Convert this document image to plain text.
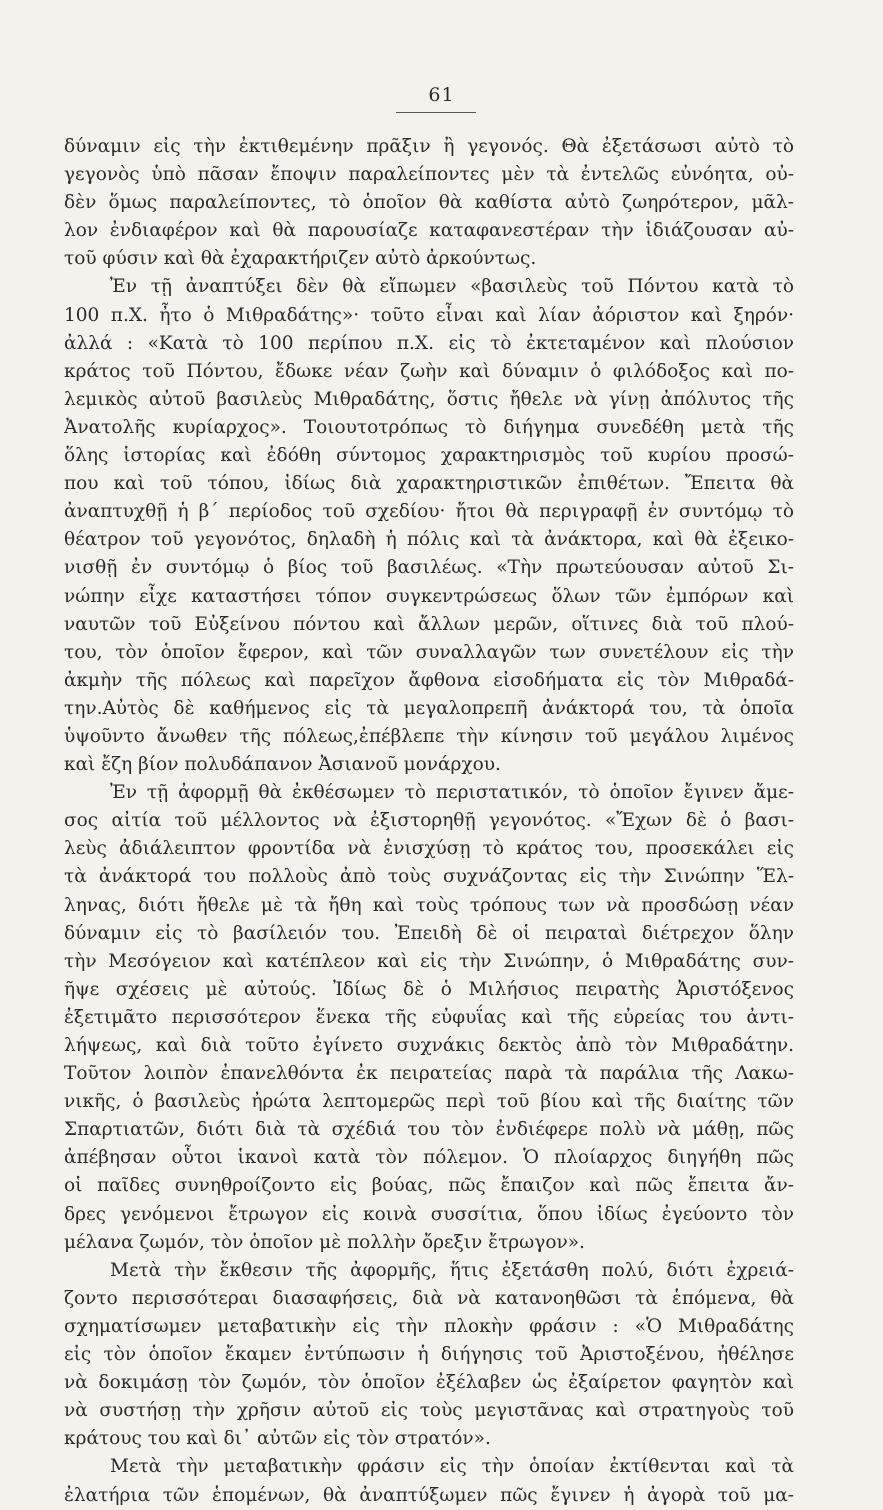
61
δύναμιν εἰς τὴν ἐκτιθεμένην πρᾶξιν ἢ γεγονός. Θὰ ἐξετάσωσι αὐτὸ τὸ
γεγονὸς ὑπὸ πᾶσαν ἔποψιν παραλείποντες μὲν τὰ ἐντελῶς εὐνόητα, οὐ-
δὲν ὅμως παραλείποντες, τὸ ὁποῖον θὰ καθίστα αὐτὸ ζωηρότερον, μᾶλ-
λον ἐνδιαφέρον καὶ θὰ παρουσίαζε καταφανεστέραν τὴν ἰδιάζουσαν αὐ-
τοῦ φύσιν καὶ θὰ ἐχαρακτήριζεν αὐτὸ ἀρκούντως.
Ἐν τῇ ἀναπτύξει δὲν θὰ εἴπωμεν «βασιλεὺς τοῦ Πόντου κατὰ τὸ
100 π.Χ. ἦτο ὁ Μιθραδάτης»· τοῦτο εἶναι καὶ λίαν ἀόριστον καὶ ξηρόν·
ἀλλά : «Κατὰ τὸ 100 περίπου π.Χ. εἰς τὸ ἐκτεταμένον καὶ πλούσιον
κράτος τοῦ Πόντου, ἔδωκε νέαν ζωὴν καὶ δύναμιν ὁ φιλόδοξος καὶ πο-
λεμικὸς αὐτοῦ βασιλεὺς Μιθραδάτης, ὅστις ἤθελε νὰ γίνῃ ἀπόλυτος τῆς
Ἀνατολῆς κυρίαρχος». Τοιουτοτρόπως τὸ διήγημα συνεδέθη μετὰ τῆς
ὅλης ἱστορίας καὶ ἐδόθη σύντομος χαρακτηρισμὸς τοῦ κυρίου προσώ-
που καὶ τοῦ τόπου, ἰδίως διὰ χαρακτηριστικῶν ἐπιθέτων. Ἔπειτα θὰ
ἀναπτυχθῇ ἡ β΄ περίοδος τοῦ σχεδίου· ἤτοι θὰ περιγραφῇ ἐν συντόμῳ τὸ
θέατρον τοῦ γεγονότος, δηλαδὴ ἡ πόλις καὶ τὰ ἀνάκτορα, καὶ θὰ ἐξεικο-
νισθῇ ἐν συντόμῳ ὁ βίος τοῦ βασιλέως. «Τὴν πρωτεύουσαν αὐτοῦ Σι-
νώπην εἶχε καταστήσει τόπον συγκεντρώσεως ὅλων τῶν ἐμπόρων καὶ
ναυτῶν τοῦ Εὐξείνου πόντου καὶ ἄλλων μερῶν, οἵτινες διὰ τοῦ πλού-
του, τὸν ὁποῖον ἔφερον, καὶ τῶν συναλλαγῶν των συνετέλουν εἰς τὴν
ἀκμὴν τῆς πόλεως καὶ παρεῖχον ἄφθονα εἰσοδήματα εἰς τὸν Μιθραδά-
την.Αὐτὸς δὲ καθήμενος εἰς τὰ μεγαλοπρεπῆ ἀνάκτορά του, τὰ ὁποῖα
ὑψοῦντο ἄνωθεν τῆς πόλεως,ἐπέβλεπε τὴν κίνησιν τοῦ μεγάλου λιμένος
καὶ ἔζη βίον πολυδάπανον Ἀσιανοῦ μονάρχου.
Ἐν τῇ ἀφορμῇ θὰ ἐκθέσωμεν τὸ περιστατικόν, τὸ ὁποῖον ἔγινεν ἄμε-
σος αἰτία τοῦ μέλλοντος νὰ ἐξιστορηθῇ γεγονότος. «Ἔχων δὲ ὁ βασι-
λεὺς ἀδιάλειπτον φροντίδα νὰ ἐνισχύσῃ τὸ κράτος του, προσεκάλει εἰς
τὰ ἀνάκτορά του πολλοὺς ἀπὸ τοὺς συχνάζοντας εἰς τὴν Σινώπην Ἕλ-
ληνας, διότι ἤθελε μὲ τὰ ἤθη καὶ τοὺς τρόπους των νὰ προσδώσῃ νέαν
δύναμιν εἰς τὸ βασίλειόν του. Ἐπειδὴ δὲ οἱ πειραταὶ διέτρεχον ὅλην
τὴν Μεσόγειον καὶ κατέπλεον καὶ εἰς τὴν Σινώπην, ὁ Μιθραδάτης συν-
ῆψε σχέσεις μὲ αὐτούς. Ἰδίως δὲ ὁ Μιλήσιος πειρατὴς Ἀριστόξενος
ἐξετιμᾶτο περισσότερον ἕνεκα τῆς εὐφυΐας καὶ τῆς εὐρείας του ἀντι-
λήψεως, καὶ διὰ τοῦτο ἐγίνετο συχνάκις δεκτὸς ἀπὸ τὸν Μιθραδάτην.
Τοῦτον λοιπὸν ἐπανελθόντα ἐκ πειρατείας παρὰ τὰ παράλια τῆς Λακω-
νικῆς, ὁ βασιλεὺς ἠρώτα λεπτομερῶς περὶ τοῦ βίου καὶ τῆς διαίτης τῶν
Σπαρτιατῶν, διότι διὰ τὰ σχέδιά του τὸν ἐνδιέφερε πολὺ νὰ μάθῃ, πῶς
ἀπέβησαν οὗτοι ἱκανοὶ κατὰ τὸν πόλεμον. Ὁ πλοίαρχος διηγήθη πῶς
οἱ παῖδες συνηθροίζοντο εἰς βούας, πῶς ἔπαιζον καὶ πῶς ἔπειτα ἄν-
δρες γενόμενοι ἔτρωγον εἰς κοινὰ συσσίτια, ὅπου ἰδίως ἐγεύοντο τὸν
μέλανα ζωμόν, τὸν ὁποῖον μὲ πολλὴν ὄρεξιν ἔτρωγον».
Μετὰ τὴν ἔκθεσιν τῆς ἀφορμῆς, ἥτις ἐξετάσθη πολύ, διότι ἐχρειά-
ζοντο περισσότεραι διασαφήσεις, διὰ νὰ κατανοηθῶσι τὰ ἑπόμενα, θὰ
σχηματίσωμεν μεταβατικὴν εἰς τὴν πλοκὴν φράσιν : «Ὁ Μιθραδάτης
εἰς τὸν ὁποῖον ἔκαμεν ἐντύπωσιν ἡ διήγησις τοῦ Ἀριστοξένου, ἠθέλησε
νὰ δοκιμάσῃ τὸν ζωμόν, τὸν ὁποῖον ἐξέλαβεν ὡς ἐξαίρετον φαγητὸν καὶ
νὰ συστήσῃ τὴν χρῆσιν αὐτοῦ εἰς τοὺς μεγιστᾶνας καὶ στρατηγοὺς τοῦ
κράτους του καὶ δι᾽ αὐτῶν εἰς τὸν στρατόν».
Μετὰ τὴν μεταβατικὴν φράσιν εἰς τὴν ὁποίαν ἐκτίθενται καὶ τὰ
ἐλατήρια τῶν ἑπομένων, θὰ ἀναπτύξωμεν πῶς ἔγινεν ἡ ἀγορὰ τοῦ μα-
